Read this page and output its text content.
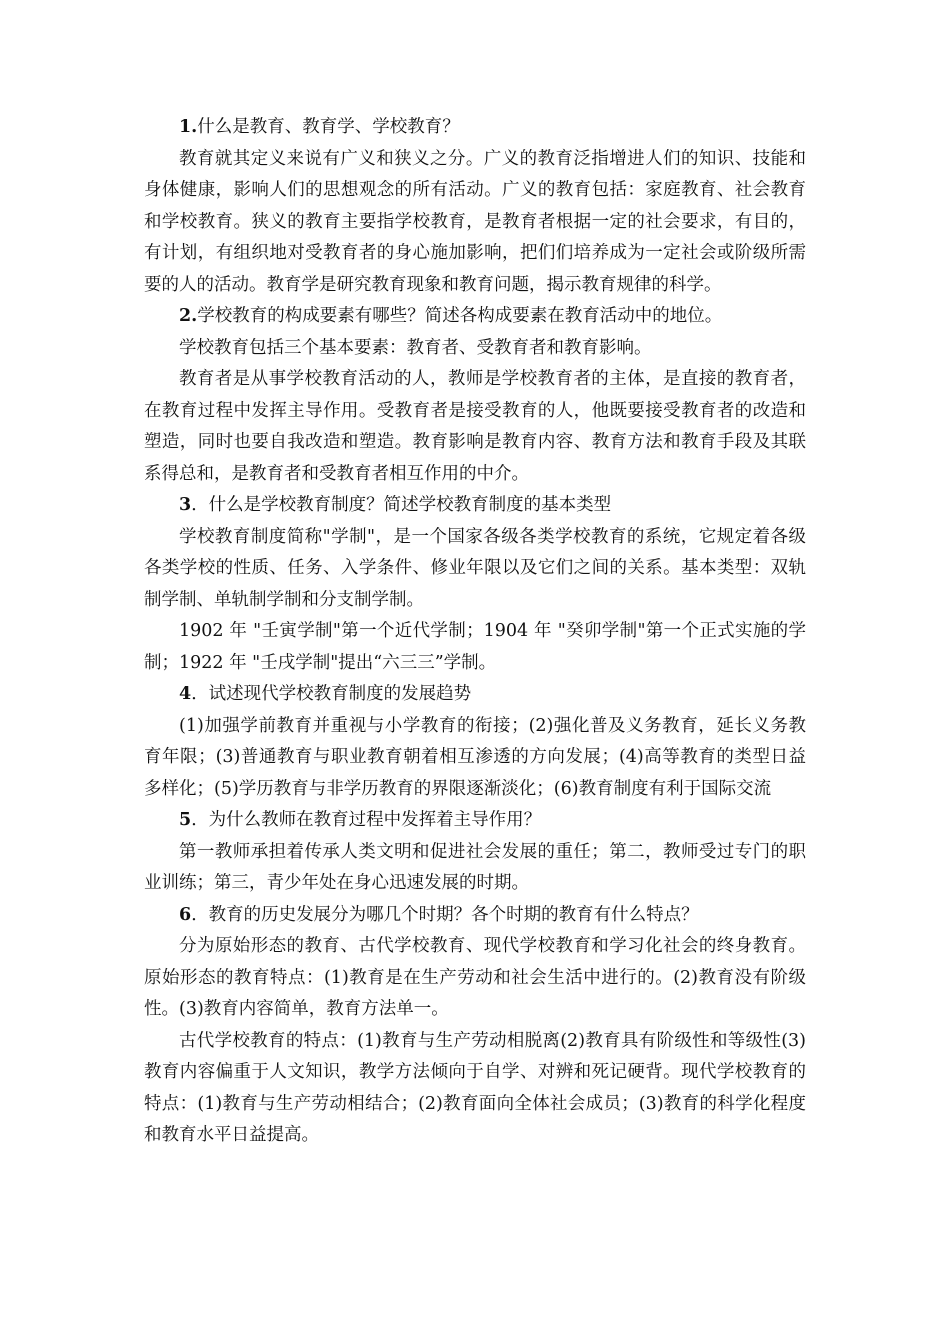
1.什么是教育、教育学、学校教育？

教育就其定义来说有广义和狭义之分。广义的教育泛指增进人们的知识、技能和身体健康，影响人们的思想观念的所有活动。广义的教育包括：家庭教育、社会教育和学校教育。狭义的教育主要指学校教育，是教育者根据一定的社会要求，有目的，有计划，有组织地对受教育者的身心施加影响，把们们培养成为一定社会或阶级所需要的人的活动。教育学是研究教育现象和教育问题，揭示教育规律的科学。

2.学校教育的构成要素有哪些？简述各构成要素在教育活动中的地位。

学校教育包括三个基本要素：教育者、受教育者和教育影响。

教育者是从事学校教育活动的人，教师是学校教育者的主体，是直接的教育者，在教育过程中发挥主导作用。受教育者是接受教育的人，他既要接受教育者的改造和塑造，同时也要自我改造和塑造。教育影响是教育内容、教育方法和教育手段及其联系得总和，是教育者和受教育者相互作用的中介。

3．什么是学校教育制度？简述学校教育制度的基本类型

学校教育制度简称"学制"，是一个国家各级各类学校教育的系统，它规定着各级各类学校的性质、任务、入学条件、修业年限以及它们之间的关系。基本类型：双轨制学制、单轨制学制和分支制学制。

1902 年 "壬寅学制"第一个近代学制；1904 年 "癸卯学制"第一个正式实施的学制；1922 年 "壬戌学制"提出“六三三”学制。

4．试述现代学校教育制度的发展趋势

(1)加强学前教育并重视与小学教育的衔接；(2)强化普及义务教育，延长义务教育年限；(3)普通教育与职业教育朝着相互渗透的方向发展；(4)高等教育的类型日益多样化；(5)学历教育与非学历教育的界限逐渐淡化；(6)教育制度有利于国际交流

5．为什么教师在教育过程中发挥着主导作用？

第一教师承担着传承人类文明和促进社会发展的重任；第二，教师受过专门的职业训练；第三，青少年处在身心迅速发展的时期。

6．教育的历史发展分为哪几个时期？各个时期的教育有什么特点？

分为原始形态的教育、古代学校教育、现代学校教育和学习化社会的终身教育。原始形态的教育特点：(1)教育是在生产劳动和社会生活中进行的。(2)教育没有阶级性。(3)教育内容简单，教育方法单一。

古代学校教育的特点：(1)教育与生产劳动相脱离(2)教育具有阶级性和等级性(3)教育内容偏重于人文知识，教学方法倾向于自学、对辨和死记硬背。现代学校教育的特点：(1)教育与生产劳动相结合；(2)教育面向全体社会成员；(3)教育的科学化程度和教育水平日益提高。
